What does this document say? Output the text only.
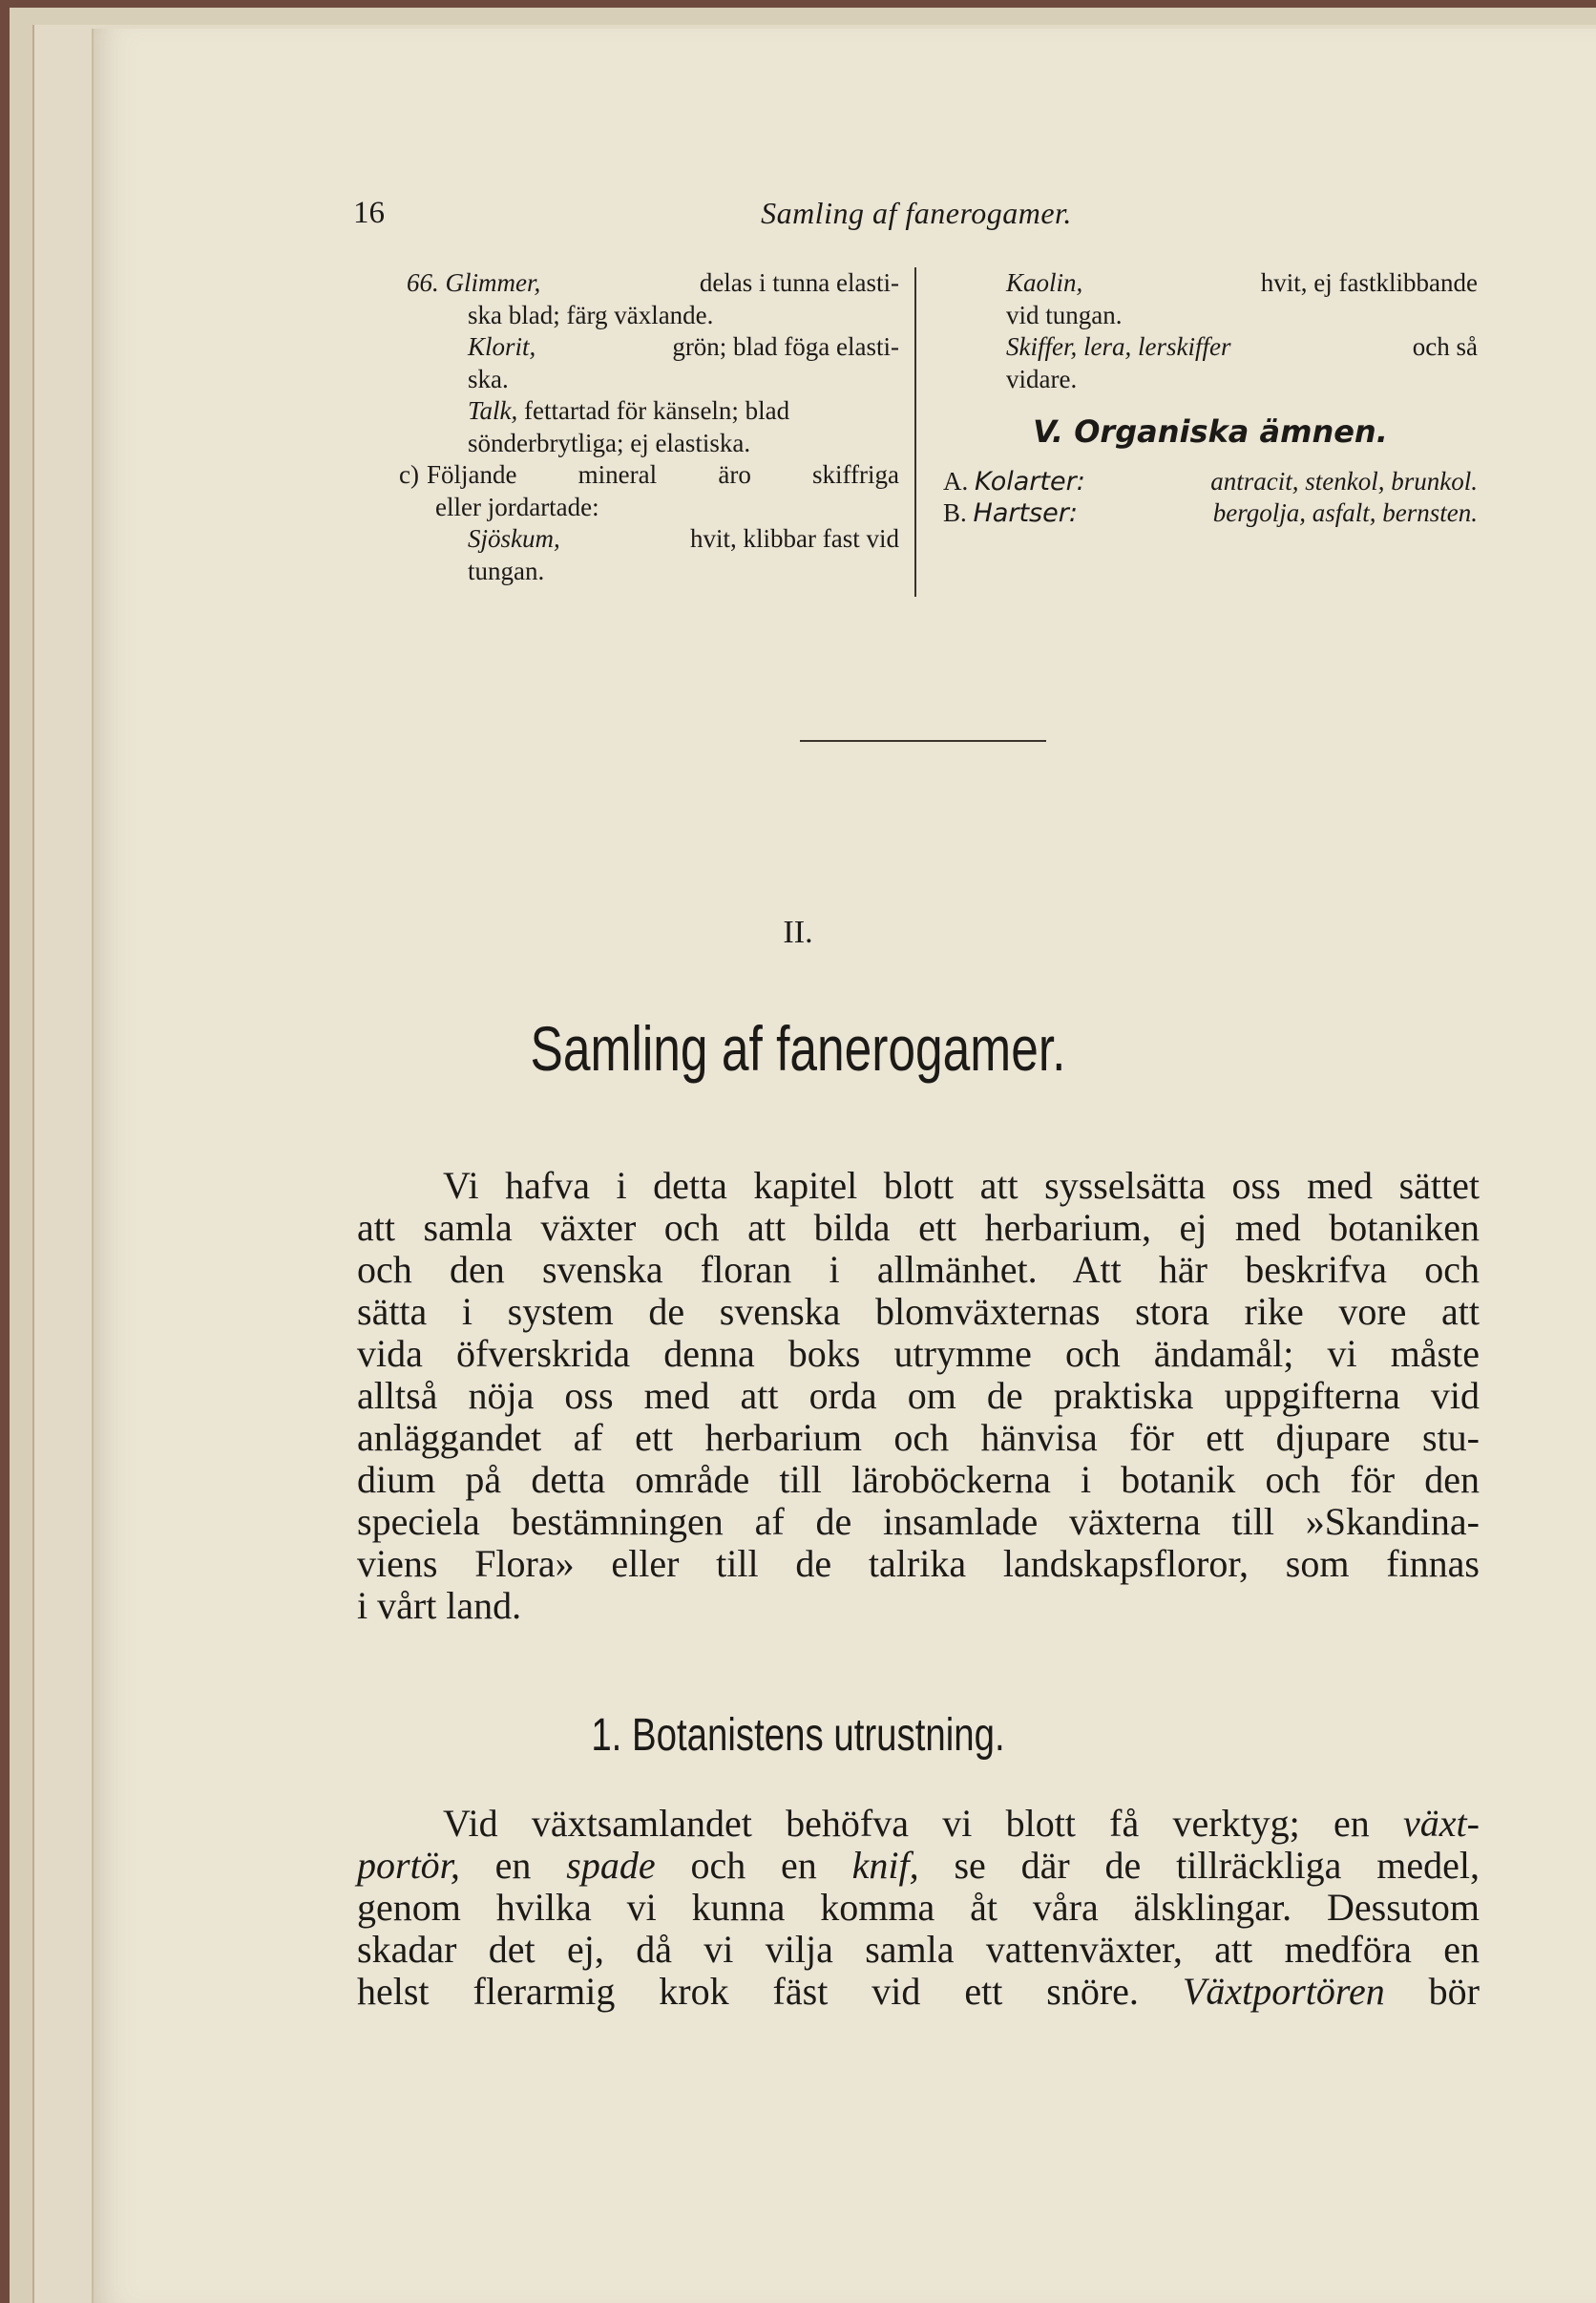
16	Samling af fanerogamer.
66. Glimmer,	delas i tunna elasti-
ska blad; färg växlande.
Klorit,	grön; blad föga elasti-
ska.
Talk, fettartad för känseln; blad
sönderbrytliga; ej elastiska.
c) Följande mineral äro skiffriga
eller jordartade:
Sjöskum,	hvit, klibbar fast vid
tungan.
Kaolin,	hvit, ej fastklibbande
vid tungan.
Skiffer, lera, lerskiffer	och så
vidare.
V. Organiska ämnen.
A. Kolarter:	antracit, stenkol, brunkol.
B. Hartser:	bergolja, asfalt, bernsten.
II.
Samling af fanerogamer.
Vi hafva i detta kapitel blott att sysselsätta oss med sättet
att samla växter och att bilda ett herbarium, ej med botaniken
och den svenska floran i allmänhet. Att här beskrifva och
sätta i system de svenska blomväxternas stora rike vore att
vida öfverskrida denna boks utrymme och ändamål; vi måste
alltså nöja oss med att orda om de praktiska uppgifterna vid
anläggandet af ett herbarium och hänvisa för ett djupare stu-
dium på detta område till läroböckerna i botanik och för den
speciela bestämningen af de insamlade växterna till »Skandina-
viens Flora» eller till de talrika landskapsfloror, som finnas
i vårt land.
1. Botanistens utrustning.
Vid växtsamlandet behöfva vi blott få verktyg; en växt-
portör, en spade och en knif, se där de tillräckliga medel,
genom hvilka vi kunna komma åt våra älsklingar. Dessutom
skadar det ej, då vi vilja samla vattenväxter, att medföra en
helst flerarmig krok fäst vid ett snöre. Växtportören bör
